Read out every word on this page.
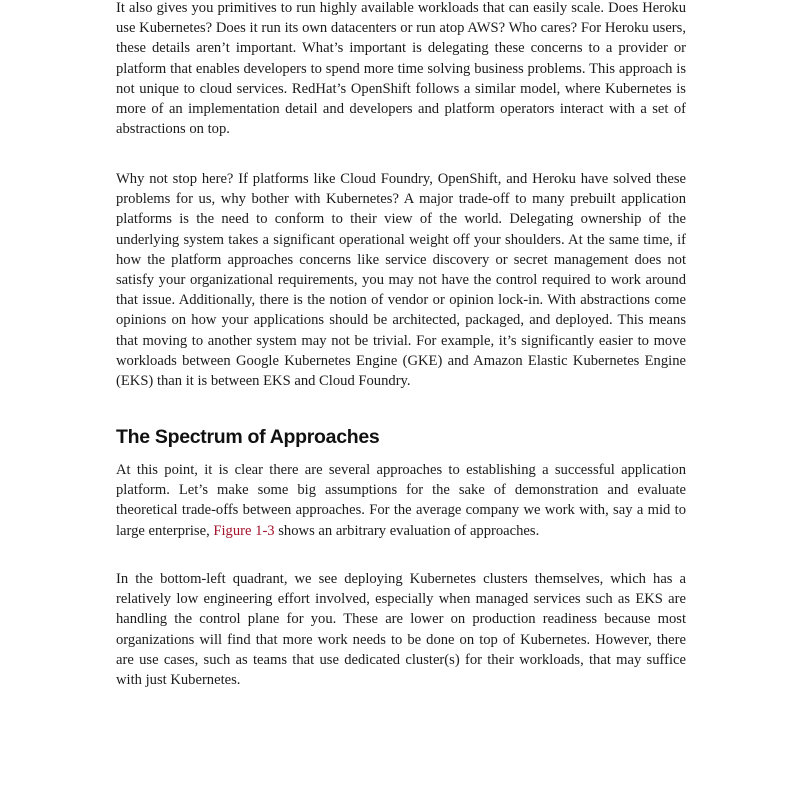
It also gives you primitives to run highly available workloads that can easily scale. Does Heroku use Kubernetes? Does it run its own datacenters or run atop AWS? Who cares? For Heroku users, these details aren’t important. What’s important is delegating these concerns to a provider or platform that enables developers to spend more time solving business problems. This approach is not unique to cloud services. RedHat’s OpenShift follows a similar model, where Kubernetes is more of an implementation detail and developers and platform operators interact with a set of abstractions on top.

Why not stop here? If platforms like Cloud Foundry, OpenShift, and Heroku have solved these problems for us, why bother with Kubernetes? A major trade-off to many prebuilt application platforms is the need to conform to their view of the world. Delegating ownership of the underlying system takes a significant operational weight off your shoulders. At the same time, if how the platform approaches concerns like service discovery or secret management does not satisfy your organizational requirements, you may not have the control required to work around that issue. Additionally, there is the notion of vendor or opinion lock-in. With abstractions come opinions on how your applications should be architected, packaged, and deployed. This means that moving to another system may not be trivial. For example, it’s significantly easier to move workloads between Google Kubernetes Engine (GKE) and Amazon Elastic Kubernetes Engine (EKS) than it is between EKS and Cloud Foundry.

The Spectrum of Approaches

At this point, it is clear there are several approaches to establishing a successful application platform. Let’s make some big assumptions for the sake of demonstration and evaluate theoretical trade-offs between approaches. For the average company we work with, say a mid to large enterprise, Figure 1-3 shows an arbitrary evaluation of approaches.

In the bottom-left quadrant, we see deploying Kubernetes clusters themselves, which has a relatively low engineering effort involved, especially when managed services such as EKS are handling the control plane for you. These are lower on production readiness because most organizations will find that more work needs to be done on top of Kubernetes. However, there are use cases, such as teams that use dedicated cluster(s) for their workloads, that may suffice with just Kubernetes.
